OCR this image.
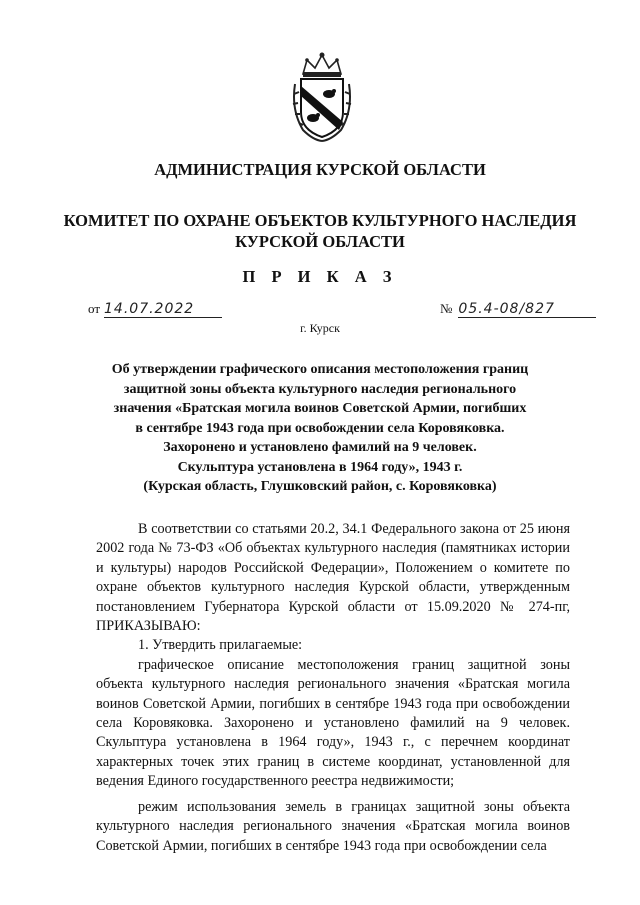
АДМИНИСТРАЦИЯ КУРСКОЙ ОБЛАСТИ

КОМИТЕТ ПО ОХРАНЕ ОБЪЕКТОВ КУЛЬТУРНОГО НАСЛЕДИЯ
КУРСКОЙ ОБЛАСТИ

П Р И К А З

от 14.07.2022	№ 05.4-08/827
г. Курск
Об утверждении графического описания местоположения границ
защитной зоны объекта культурного наследия регионального
значения «Братская могила воинов Советской Армии, погибших
в сентябре 1943 года при освобождении села Коровяковка.
Захоронено и установлено фамилий на 9 человек.
Скульптура установлена в 1964 году», 1943 г.
(Курская область, Глушковский район, с. Коровяковка)

В соответствии со статьями 20.2, 34.1 Федерального закона от 25 июня 2002 года № 73-ФЗ «Об объектах культурного наследия (памятниках истории и культуры) народов Российской Федерации», Положением о комитете по охране объектов культурного наследия Курской области, утвержденным постановлением Губернатора Курской области от 15.09.2020 № 274-пг, ПРИКАЗЫВАЮ:

1. Утвердить прилагаемые:

графическое описание местоположения границ защитной зоны объекта культурного наследия регионального значения «Братская могила воинов Советской Армии, погибших в сентябре 1943 года при освобождении села Коровяковка. Захоронено и установлено фамилий на 9 человек. Скульптура установлена в 1964 году», 1943 г., с перечнем координат характерных точек этих границ в системе координат, установленной для ведения Единого государственного реестра недвижимости;

режим использования земель в границах защитной зоны объекта культурного наследия регионального значения «Братская могила воинов Советской Армии, погибших в сентябре 1943 года при освобождении села
